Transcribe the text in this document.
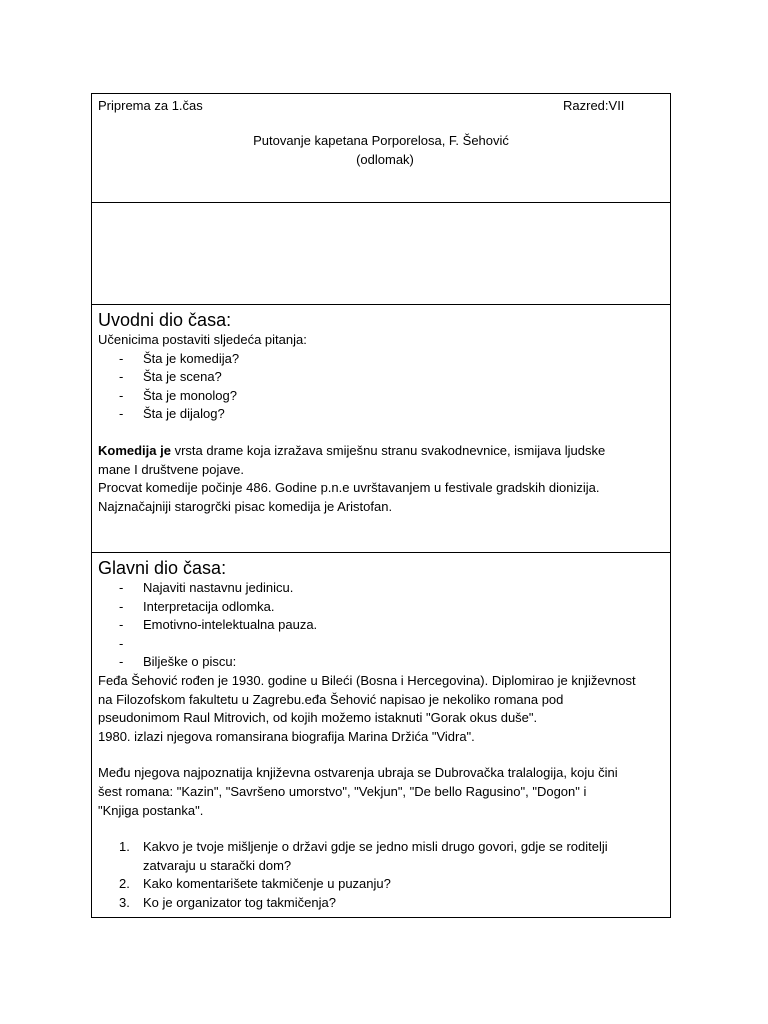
Priprema za 1.čas	Razred:VII
Putovanje kapetana Porporelosa, F. Šehović
(odlomak)
Uvodni dio časa:

Učenicima postaviti sljedeća pitanja:

- Šta je komedija?
- Šta je scena?
- Šta je monolog?
- Šta je dijalog?

Komedija je vrsta drame koja izražava smiješnu stranu svakodnevnice, ismijava ljudske

mane I društvene pojave.

Procvat komedije počinje 486. Godine p.n.e uvrštavanjem u festivale gradskih dionizija.

Najznačajniji starogrčki pisac komedija je Aristofan.

Glavni dio časa:
- Najaviti nastavnu jedinicu.
- Interpretacija odlomka.
- Emotivno-intelektualna pauza.
-

- Bilješke o piscu:

Feđa Šehović rođen je 1930. godine u Bileći (Bosna i Hercegovina). Diplomirao je književnost

na Filozofskom fakultetu u Zagrebu.eđa Šehović napisao je nekoliko romana pod

pseudonimom Raul Mitrovich, od kojih možemo istaknuti "Gorak okus duše".

1980. izlazi njegova romansirana biografija Marina Držića "Vidra".

Među njegova najpoznatija književna ostvarenja ubraja se Dubrovačka tralalogija, koju čini

šest romana: "Kazin", "Savršeno umorstvo", "Vekjun", "De bello Ragusino", "Dogon" i

"Knjiga postanka".

1. Kakvo je tvoje mišljenje o državi gdje se jedno misli drugo govori, gdje se roditelji
zatvaraju u starački dom?
2. Kako komentarišete takmičenje u puzanju?
3. Ko je organizator tog takmičenja?
